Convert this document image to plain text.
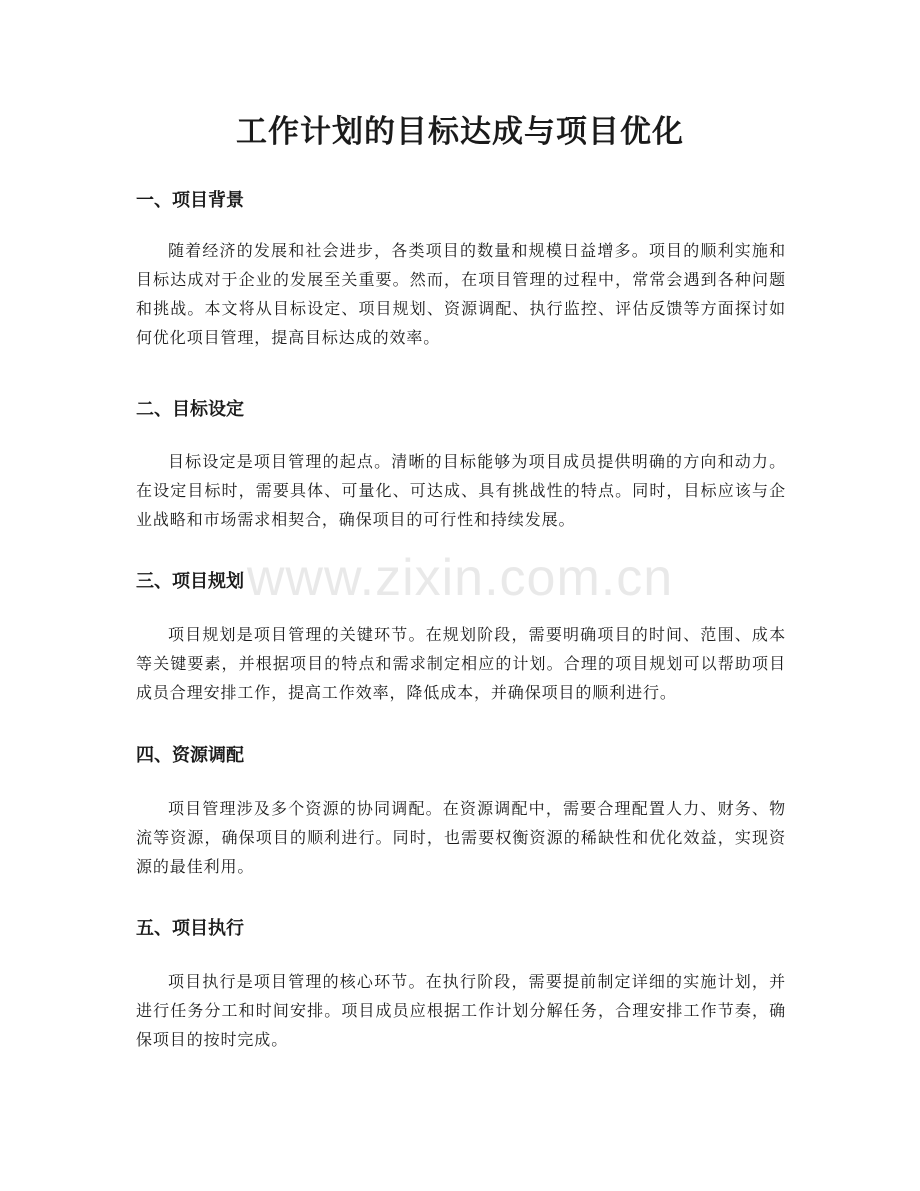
工作计划的目标达成与项目优化
一、项目背景

随着经济的发展和社会进步，各类项目的数量和规模日益增多。项目的顺利实施和目标达成对于企业的发展至关重要。然而，在项目管理的过程中，常常会遇到各种问题和挑战。本文将从目标设定、项目规划、资源调配、执行监控、评估反馈等方面探讨如何优化项目管理，提高目标达成的效率。

二、目标设定

目标设定是项目管理的起点。清晰的目标能够为项目成员提供明确的方向和动力。在设定目标时，需要具体、可量化、可达成、具有挑战性的特点。同时，目标应该与企业战略和市场需求相契合，确保项目的可行性和持续发展。

三、项目规划

项目规划是项目管理的关键环节。在规划阶段，需要明确项目的时间、范围、成本等关键要素，并根据项目的特点和需求制定相应的计划。合理的项目规划可以帮助项目成员合理安排工作，提高工作效率，降低成本，并确保项目的顺利进行。

四、资源调配

项目管理涉及多个资源的协同调配。在资源调配中，需要合理配置人力、财务、物流等资源，确保项目的顺利进行。同时，也需要权衡资源的稀缺性和优化效益，实现资源的最佳利用。

五、项目执行

项目执行是项目管理的核心环节。在执行阶段，需要提前制定详细的实施计划，并进行任务分工和时间安排。项目成员应根据工作计划分解任务，合理安排工作节奏，确保项目的按时完成。

www.zixin.com.cn
